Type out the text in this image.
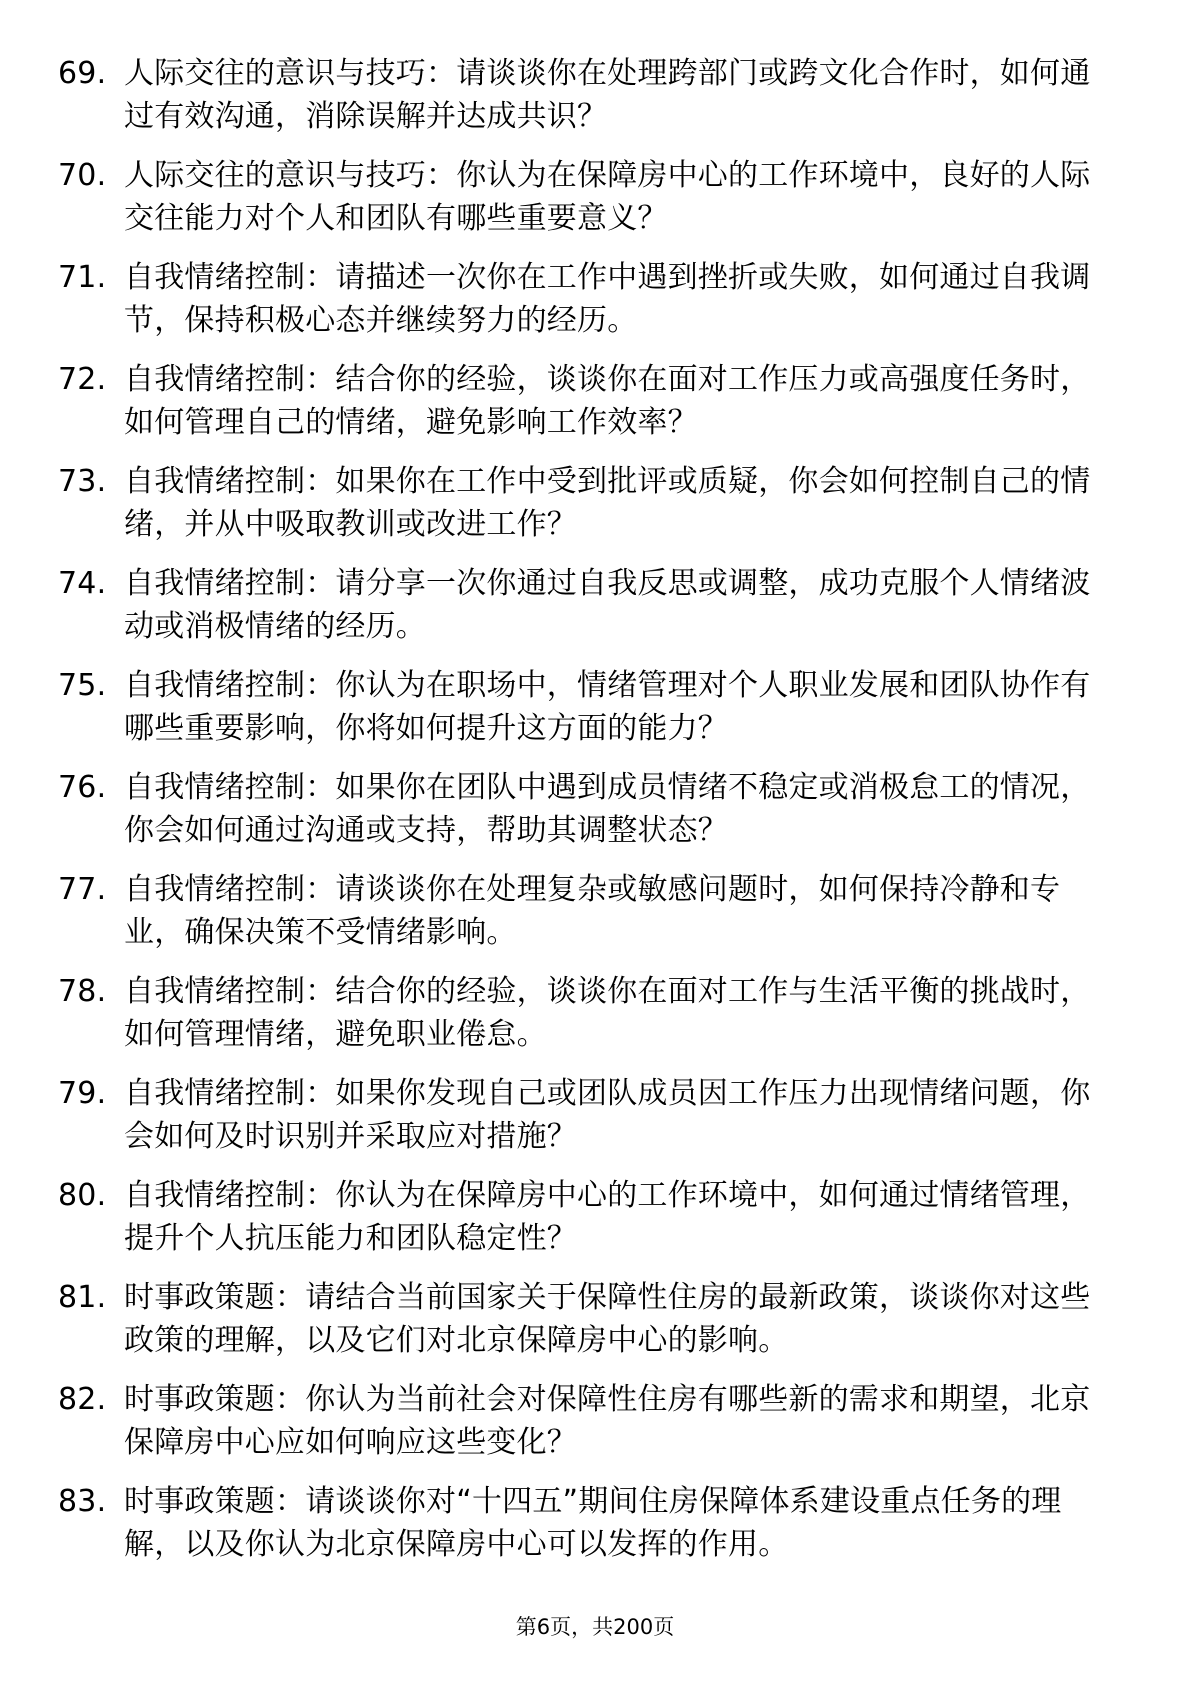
69. 人际交往的意识与技巧：请谈谈你在处理跨部门或跨文化合作时，如何通过有效沟通，消除误解并达成共识？
70. 人际交往的意识与技巧：你认为在保障房中心的工作环境中，良好的人际交往能力对个人和团队有哪些重要意义？
71. 自我情绪控制：请描述一次你在工作中遇到挫折或失败，如何通过自我调节，保持积极心态并继续努力的经历。
72. 自我情绪控制：结合你的经验，谈谈你在面对工作压力或高强度任务时，如何管理自己的情绪，避免影响工作效率？
73. 自我情绪控制：如果你在工作中受到批评或质疑，你会如何控制自己的情绪，并从中吸取教训或改进工作？
74. 自我情绪控制：请分享一次你通过自我反思或调整，成功克服个人情绪波动或消极情绪的经历。
75. 自我情绪控制：你认为在职场中，情绪管理对个人职业发展和团队协作有哪些重要影响，你将如何提升这方面的能力？
76. 自我情绪控制：如果你在团队中遇到成员情绪不稳定或消极怠工的情况，你会如何通过沟通或支持，帮助其调整状态？
77. 自我情绪控制：请谈谈你在处理复杂或敏感问题时，如何保持冷静和专业，确保决策不受情绪影响。
78. 自我情绪控制：结合你的经验，谈谈你在面对工作与生活平衡的挑战时，如何管理情绪，避免职业倦怠。
79. 自我情绪控制：如果你发现自己或团队成员因工作压力出现情绪问题，你会如何及时识别并采取应对措施？
80. 自我情绪控制：你认为在保障房中心的工作环境中，如何通过情绪管理，提升个人抗压能力和团队稳定性？
81. 时事政策题：请结合当前国家关于保障性住房的最新政策，谈谈你对这些政策的理解，以及它们对北京保障房中心的影响。
82. 时事政策题：你认为当前社会对保障性住房有哪些新的需求和期望，北京保障房中心应如何响应这些变化？
83. 时事政策题：请谈谈你对“十四五”期间住房保障体系建设重点任务的理解，以及你认为北京保障房中心可以发挥的作用。
第6页，共200页
